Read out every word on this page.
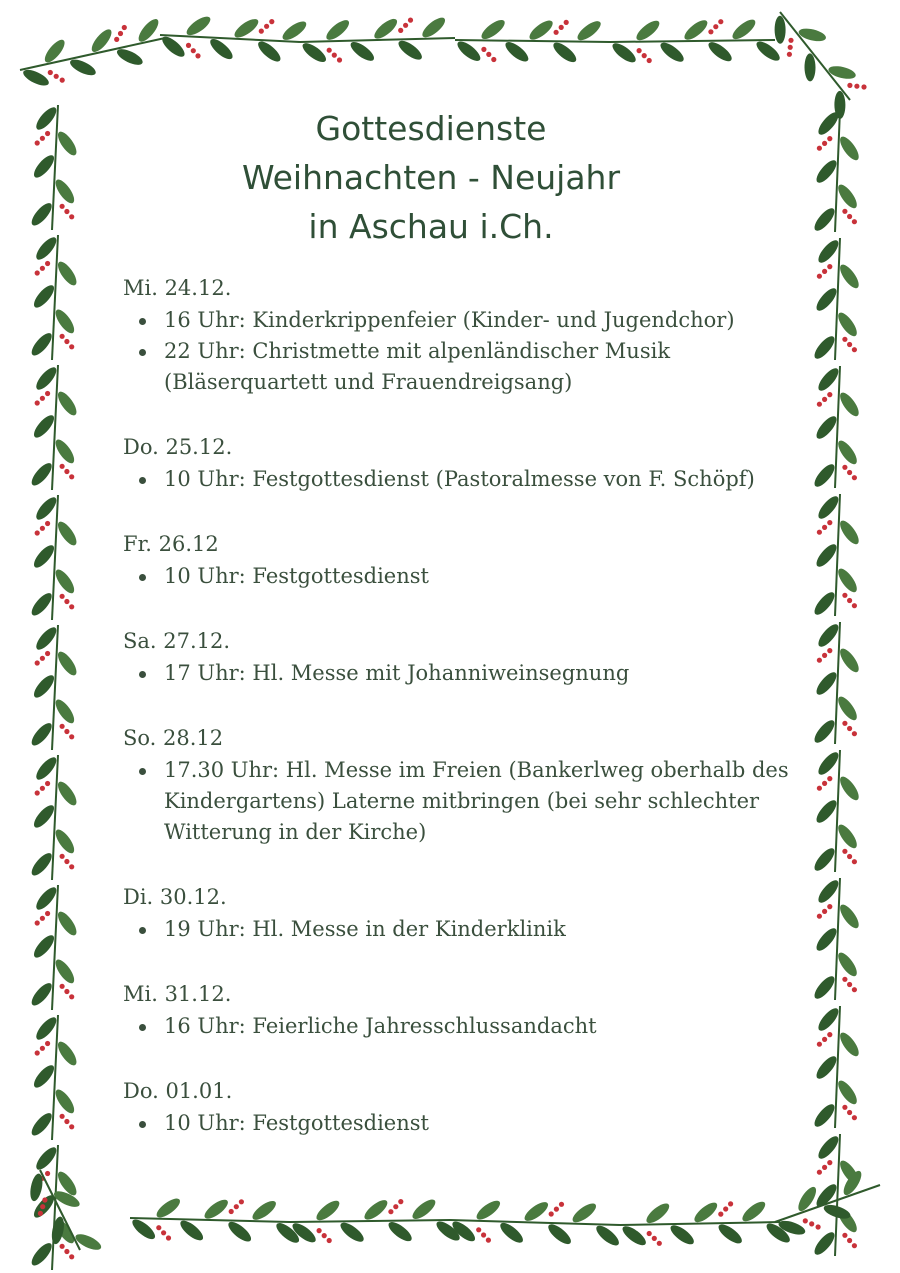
Gottesdienste
Weihnachten - Neujahr
in Aschau i.Ch.
Mi. 24.12.
16 Uhr: Kinderkrippenfeier (Kinder- und Jugendchor)
22 Uhr: Christmette mit alpenländischer Musik (Bläserquartett und Frauendreigsang)
Do. 25.12.
10 Uhr: Festgottesdienst (Pastoralmesse von F. Schöpf)
Fr. 26.12
10 Uhr: Festgottesdienst
Sa. 27.12.
17 Uhr: Hl. Messe mit Johanniweinsegnung
So. 28.12
17.30 Uhr: Hl. Messe im Freien (Bankerlweg oberhalb des Kindergartens) Laterne mitbringen (bei sehr schlechter Witterung in der Kirche)
Di. 30.12.
19 Uhr: Hl. Messe in der Kinderklinik
Mi. 31.12.
16 Uhr: Feierliche Jahresschlussandacht
Do. 01.01.
10 Uhr: Festgottesdienst
